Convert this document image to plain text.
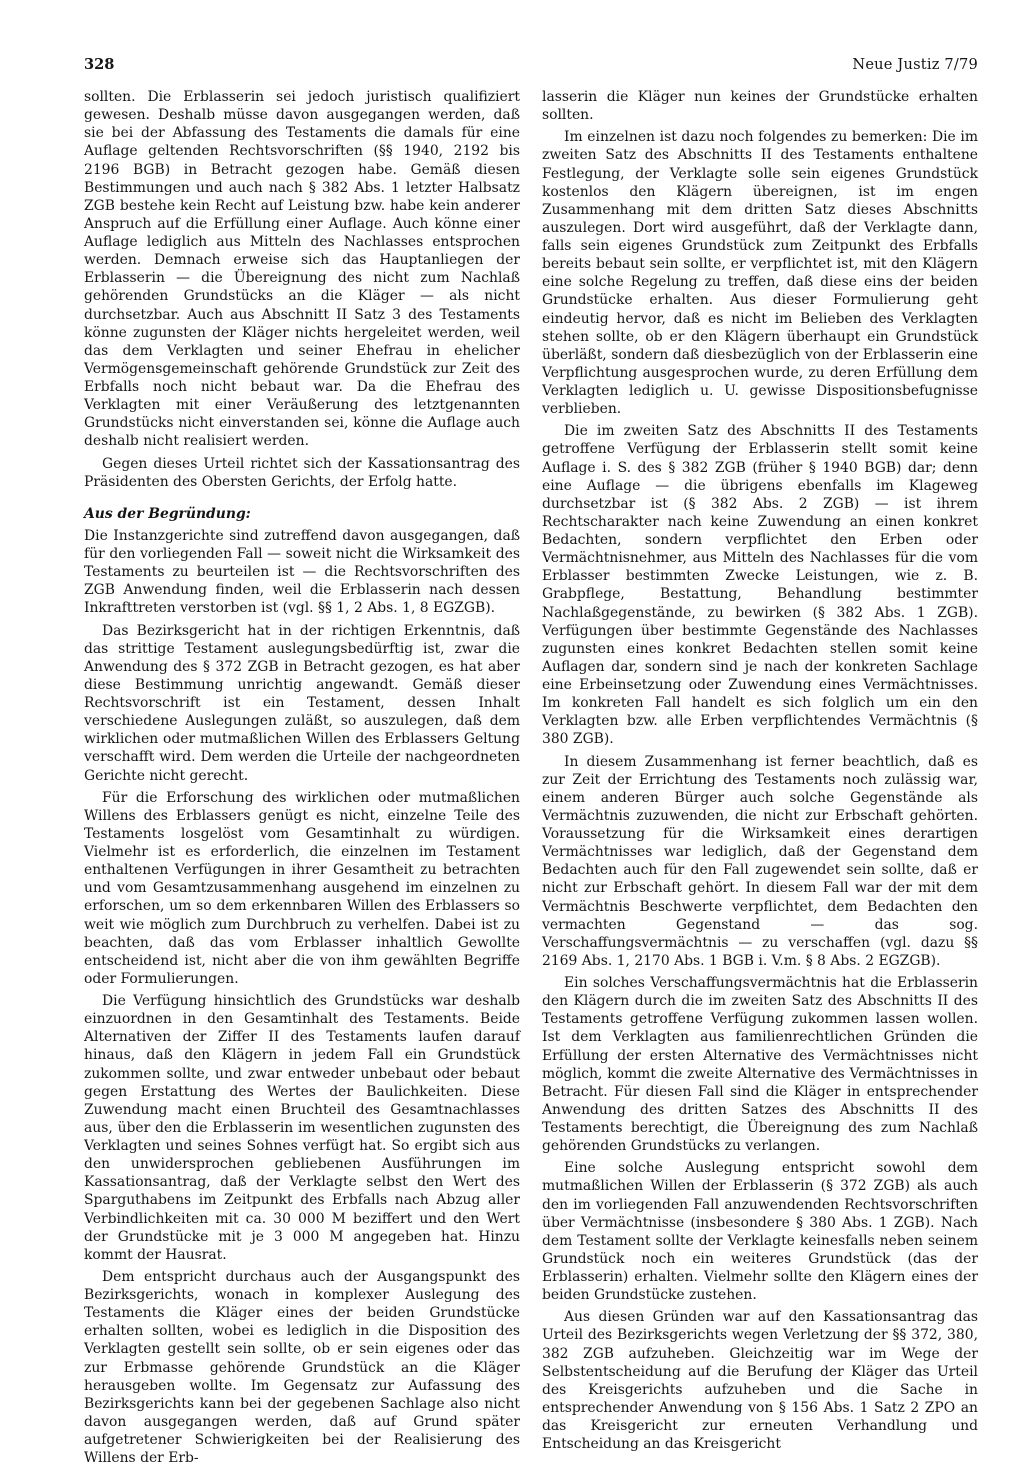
328	Neue Justiz 7/79

sollten. Die Erblasserin sei jedoch juristisch qualifiziert gewesen. Deshalb müsse davon ausgegangen werden, daß sie bei der Abfassung des Testaments die damals für eine Auflage geltenden Rechtsvorschriften (§§ 1940, 2192 bis 2196 BGB) in Betracht gezogen habe. Gemäß diesen Bestimmungen und auch nach § 382 Abs. 1 letzter Halbsatz ZGB bestehe kein Recht auf Leistung bzw. habe kein anderer Anspruch auf die Erfüllung einer Auflage. Auch könne einer Auflage lediglich aus Mitteln des Nachlasses entsprochen werden. Demnach erweise sich das Hauptanliegen der Erblasserin — die Übereignung des nicht zum Nachlaß gehörenden Grundstücks an die Kläger — als nicht durchsetzbar. Auch aus Abschnitt II Satz 3 des Testaments könne zugunsten der Kläger nichts hergeleitet werden, weil das dem Verklagten und seiner Ehefrau in ehelicher Vermögensgemeinschaft gehörende Grundstück zur Zeit des Erbfalls noch nicht bebaut war. Da die Ehefrau des Verklagten mit einer Veräußerung des letztgenannten Grundstücks nicht einverstanden sei, könne die Auflage auch deshalb nicht realisiert werden.

Gegen dieses Urteil richtet sich der Kassationsantrag des Präsidenten des Obersten Gerichts, der Erfolg hatte.

Aus der Begründung:

Die Instanzgerichte sind zutreffend davon ausgegangen, daß für den vorliegenden Fall — soweit nicht die Wirksamkeit des Testaments zu beurteilen ist — die Rechtsvorschriften des ZGB Anwendung finden, weil die Erblasserin nach dessen Inkrafttreten verstorben ist (vgl. §§ 1, 2 Abs. 1, 8 EGZGB).

Das Bezirksgericht hat in der richtigen Erkenntnis, daß das strittige Testament auslegungsbedürftig ist, zwar die Anwendung des § 372 ZGB in Betracht gezogen, es hat aber diese Bestimmung unrichtig angewandt. Gemäß dieser Rechtsvorschrift ist ein Testament, dessen Inhalt verschiedene Auslegungen zuläßt, so auszulegen, daß dem wirklichen oder mutmaßlichen Willen des Erblassers Geltung verschafft wird. Dem werden die Urteile der nachgeordneten Gerichte nicht gerecht.

Für die Erforschung des wirklichen oder mutmaßlichen Willens des Erblassers genügt es nicht, einzelne Teile des Testaments losgelöst vom Gesamtinhalt zu würdigen. Vielmehr ist es erforderlich, die einzelnen im Testament enthaltenen Verfügungen in ihrer Gesamtheit zu betrachten und vom Gesamtzusammenhang ausgehend im einzelnen zu erforschen, um so dem erkennbaren Willen des Erblassers so weit wie möglich zum Durchbruch zu verhelfen. Dabei ist zu beachten, daß das vom Erblasser inhaltlich Gewollte entscheidend ist, nicht aber die von ihm gewählten Begriffe oder Formulierungen.

Die Verfügung hinsichtlich des Grundstücks war deshalb einzuordnen in den Gesamtinhalt des Testaments. Beide Alternativen der Ziffer II des Testaments laufen darauf hinaus, daß den Klägern in jedem Fall ein Grundstück zukommen sollte, und zwar entweder unbebaut oder bebaut gegen Erstattung des Wertes der Baulichkeiten. Diese Zuwendung macht einen Bruchteil des Gesamtnachlasses aus, über den die Erblasserin im wesentlichen zugunsten des Verklagten und seines Sohnes verfügt hat. So ergibt sich aus den unwidersprochen gebliebenen Ausführungen im Kassationsantrag, daß der Verklagte selbst den Wert des Sparguthabens im Zeitpunkt des Erbfalls nach Abzug aller Verbindlichkeiten mit ca. 30 000 M beziffert und den Wert der Grundstücke mit je 3 000 M angegeben hat. Hinzu kommt der Hausrat.

Dem entspricht durchaus auch der Ausgangspunkt des Bezirksgerichts, wonach in komplexer Auslegung des Testaments die Kläger eines der beiden Grundstücke erhalten sollten, wobei es lediglich in die Disposition des Verklagten gestellt sein sollte, ob er sein eigenes oder das zur Erbmasse gehörende Grundstück an die Kläger herausgeben wollte. Im Gegensatz zur Aufassung des Bezirksgerichts kann bei der gegebenen Sachlage also nicht davon ausgegangen werden, daß auf Grund später aufgetretener Schwierigkeiten bei der Realisierung des Willens der Erb-

lasserin die Kläger nun keines der Grundstücke erhalten sollten.

Im einzelnen ist dazu noch folgendes zu bemerken: Die im zweiten Satz des Abschnitts II des Testaments enthaltene Festlegung, der Verklagte solle sein eigenes Grundstück kostenlos den Klägern übereignen, ist im engen Zusammenhang mit dem dritten Satz dieses Abschnitts auszulegen. Dort wird ausgeführt, daß der Verklagte dann, falls sein eigenes Grundstück zum Zeitpunkt des Erbfalls bereits bebaut sein sollte, er verpflichtet ist, mit den Klägern eine solche Regelung zu treffen, daß diese eins der beiden Grundstücke erhalten. Aus dieser Formulierung geht eindeutig hervor, daß es nicht im Belieben des Verklagten stehen sollte, ob er den Klägern überhaupt ein Grundstück überläßt, sondern daß diesbezüglich von der Erblasserin eine Verpflichtung ausgesprochen wurde, zu deren Erfüllung dem Verklagten lediglich u. U. gewisse Dispositionsbefugnisse verblieben.

Die im zweiten Satz des Abschnitts II des Testaments getroffene Verfügung der Erblasserin stellt somit keine Auflage i. S. des § 382 ZGB (früher § 1940 BGB) dar; denn eine Auflage — die übrigens ebenfalls im Klageweg durchsetzbar ist (§ 382 Abs. 2 ZGB) — ist ihrem Rechtscharakter nach keine Zuwendung an einen konkret Bedachten, sondern verpflichtet den Erben oder Vermächtnisnehmer, aus Mitteln des Nachlasses für die vom Erblasser bestimmten Zwecke Leistungen, wie z. B. Grabpflege, Bestattung, Behandlung bestimmter Nachlaßgegenstände, zu bewirken (§ 382 Abs. 1 ZGB). Verfügungen über bestimmte Gegenstände des Nachlasses zugunsten eines konkret Bedachten stellen somit keine Auflagen dar, sondern sind je nach der konkreten Sachlage eine Erbeinsetzung oder Zuwendung eines Vermächtnisses. Im konkreten Fall handelt es sich folglich um ein den Verklagten bzw. alle Erben verpflichtendes Vermächtnis (§ 380 ZGB).

In diesem Zusammenhang ist ferner beachtlich, daß es zur Zeit der Errichtung des Testaments noch zulässig war, einem anderen Bürger auch solche Gegenstände als Vermächtnis zuzuwenden, die nicht zur Erbschaft gehörten. Voraussetzung für die Wirksamkeit eines derartigen Vermächtnisses war lediglich, daß der Gegenstand dem Bedachten auch für den Fall zugewendet sein sollte, daß er nicht zur Erbschaft gehört. In diesem Fall war der mit dem Vermächtnis Beschwerte verpflichtet, dem Bedachten den vermachten Gegenstand — das sog. Verschaffungsvermächtnis — zu verschaffen (vgl. dazu §§ 2169 Abs. 1, 2170 Abs. 1 BGB i. V.m. § 8 Abs. 2 EGZGB).

Ein solches Verschaffungsvermächtnis hat die Erblasserin den Klägern durch die im zweiten Satz des Abschnitts II des Testaments getroffene Verfügung zukommen lassen wollen. Ist dem Verklagten aus familienrechtlichen Gründen die Erfüllung der ersten Alternative des Vermächtnisses nicht möglich, kommt die zweite Alternative des Vermächtnisses in Betracht. Für diesen Fall sind die Kläger in entsprechender Anwendung des dritten Satzes des Abschnitts II des Testaments berechtigt, die Übereignung des zum Nachlaß gehörenden Grundstücks zu verlangen.

Eine solche Auslegung entspricht sowohl dem mutmaßlichen Willen der Erblasserin (§ 372 ZGB) als auch den im vorliegenden Fall anzuwendenden Rechtsvorschriften über Vermächtnisse (insbesondere § 380 Abs. 1 ZGB). Nach dem Testament sollte der Verklagte keinesfalls neben seinem Grundstück noch ein weiteres Grundstück (das der Erblasserin) erhalten. Vielmehr sollte den Klägern eines der beiden Grundstücke zustehen.

Aus diesen Gründen war auf den Kassationsantrag das Urteil des Bezirksgerichts wegen Verletzung der §§ 372, 380, 382 ZGB aufzuheben. Gleichzeitig war im Wege der Selbstentscheidung auf die Berufung der Kläger das Urteil des Kreisgerichts aufzuheben und die Sache in entsprechender Anwendung von § 156 Abs. 1 Satz 2 ZPO an das Kreisgericht zur erneuten Verhandlung und Entscheidung an das Kreisgericht
